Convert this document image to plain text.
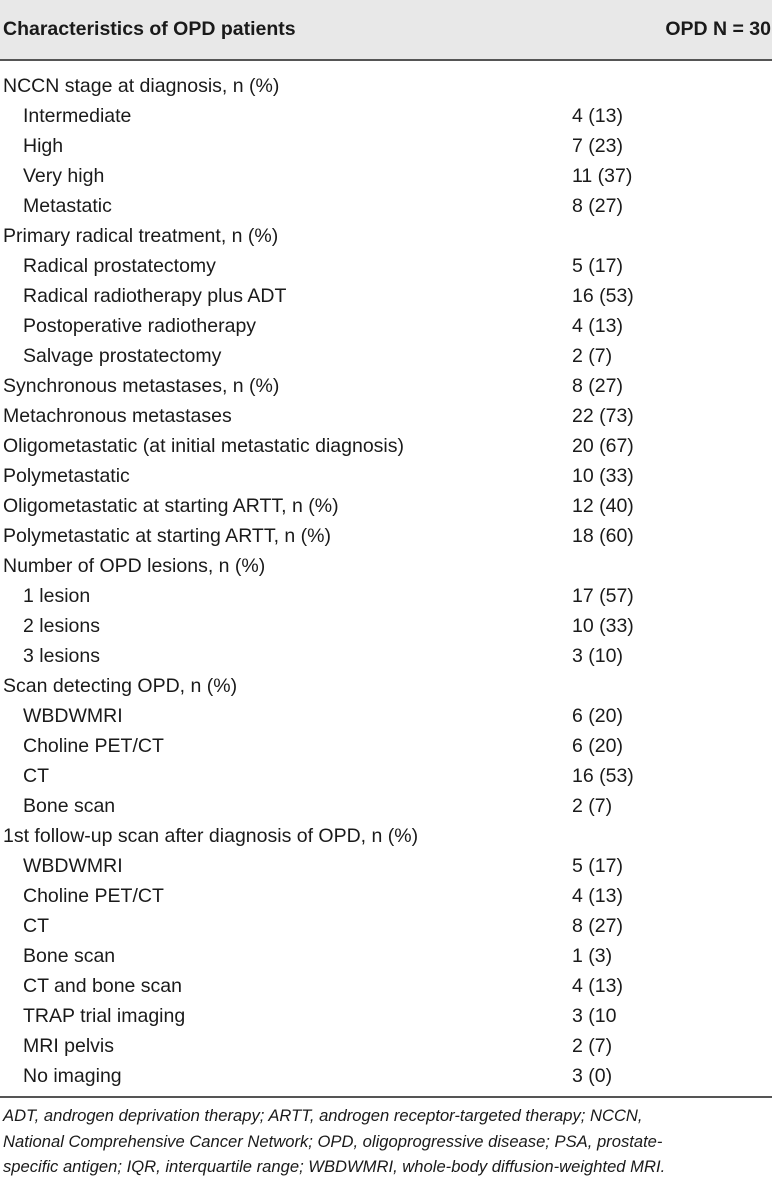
Characteristics of OPD patients	OPD N = 30
NCCN stage at diagnosis, n (%)
Intermediate	4 (13)
High	7 (23)
Very high	11 (37)
Metastatic	8 (27)
Primary radical treatment, n (%)
Radical prostatectomy	5 (17)
Radical radiotherapy plus ADT	16 (53)
Postoperative radiotherapy	4 (13)
Salvage prostatectomy	2 (7)
Synchronous metastases, n (%)	8 (27)
Metachronous metastases	22 (73)
Oligometastatic (at initial metastatic diagnosis)	20 (67)
Polymetastatic	10 (33)
Oligometastatic at starting ARTT, n (%)	12 (40)
Polymetastatic at starting ARTT, n (%)	18 (60)
Number of OPD lesions, n (%)
1 lesion	17 (57)
2 lesions	10 (33)
3 lesions	3 (10)
Scan detecting OPD, n (%)
WBDWMRI	6 (20)
Choline PET/CT	6 (20)
CT	16 (53)
Bone scan	2 (7)
1st follow-up scan after diagnosis of OPD, n (%)
WBDWMRI	5 (17)
Choline PET/CT	4 (13)
CT	8 (27)
Bone scan	1 (3)
CT and bone scan	4 (13)
TRAP trial imaging	3 (10
MRI pelvis	2 (7)
No imaging	3 (0)
ADT, androgen deprivation therapy; ARTT, androgen receptor-targeted therapy; NCCN,
National Comprehensive Cancer Network; OPD, oligoprogressive disease; PSA, prostate-
specific antigen; IQR, interquartile range; WBDWMRI, whole-body diffusion-weighted MRI.
